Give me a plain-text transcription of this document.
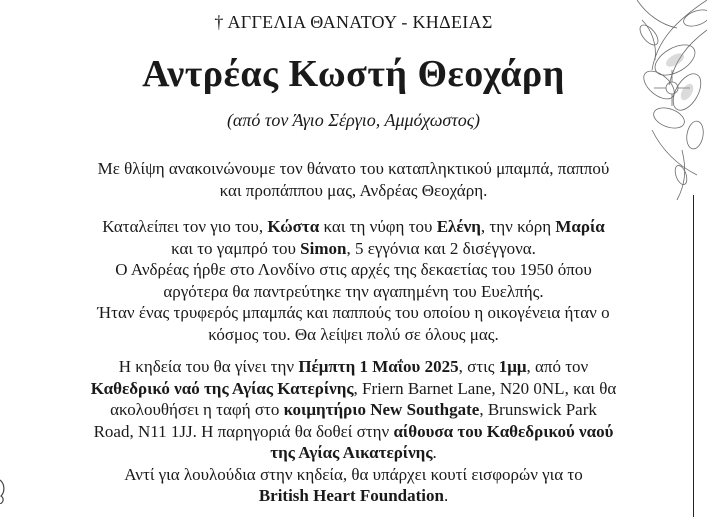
† ΑΓΓΕΛΙΑ ΘΑΝΑΤΟΥ - ΚΗΔΕΙΑΣ
Αντρέας Κωστή Θεοχάρη
(από τον Άγιο Σέργιο, Αμμόχωστος)

Με θλίψη ανακοινώνουμε τον θάνατο του καταπληκτικού μπαμπά, παππού

και προπάππου μας, Ανδρέας Θεοχάρη.

Καταλείπει τον γιο του, Κώστα και τη νύφη του Ελένη, την κόρη Μαρία

και το γαμπρό του Simon, 5 εγγόνια και 2 δισέγγονα.

Ο Ανδρέας ήρθε στο Λονδίνο στις αρχές της δεκαετίας του 1950 όπου

αργότερα θα παντρεύτηκε την αγαπημένη του Ευελπής.

Ήταν ένας τρυφερός μπαμπάς και παππούς του οποίου η οικογένεια ήταν ο

κόσμος του. Θα λείψει πολύ σε όλους μας.

Η κηδεία του θα γίνει την Πέμπτη 1 Μαΐου 2025, στις 1μμ, από τον

Καθεδρικό ναό της Αγίας Κατερίνης, Friern Barnet Lane, N20 0NL, και θα

ακολουθήσει η ταφή στο κοιμητήριο New Southgate, Brunswick Park

Road, N11 1JJ. Η παρηγοριά θα δοθεί στην αίθουσα του Καθεδρικού ναού

της Αγίας Αικατερίνης.

Αντί για λουλούδια στην κηδεία, θα υπάρχει κουτί εισφορών για το

British Heart Foundation.
